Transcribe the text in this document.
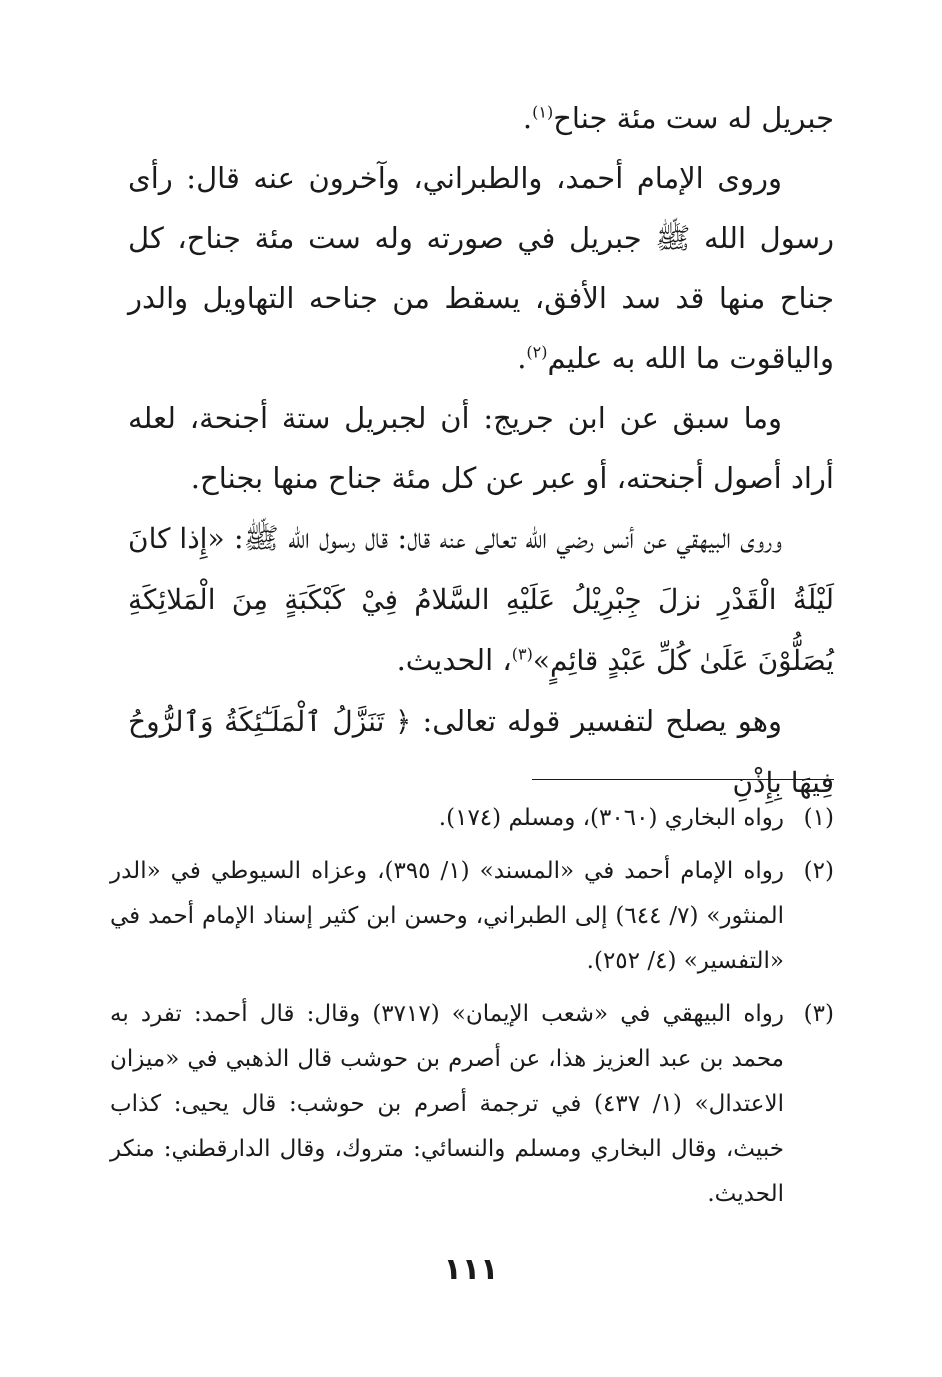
جبريل له ست مئة جناح$^{(١)}$.

وروى الإمام أحمد، والطبراني، وآخرون عنه قال: رأى رسول الله ﷺ جبريل في صورته وله ست مئة جناح، كل جناح منها قد سد الأفق، يسقط من جناحه التهاويل والدر والياقوت ما الله به عليم$^{(٢)}$.

وما سبق عن ابن جريج: أن لجبريل ستة أجنحة، لعله أراد أصول أجنحته، أو عبر عن كل مئة جناح منها بجناح.

وروى البيهقي عن أنس رضي الله تعالى عنه قال: قال رسول الله ﷺ: «إِذا كانَ لَيْلَةُ الْقَدْرِ نزلَ جِبْرِيْلُ عَلَيْهِ السَّلامُ فِيْ كَبْكَبَةٍ مِنَ الْمَلائِكَةِ يُصَلُّوْنَ عَلَىٰ كُلِّ عَبْدٍ قائِمٍ»$^{(٣)}$، الحديث.

وهو يصلح لتفسير قوله تعالى: ﴿ تَنَزَّلُ ٱلْمَلَـٰٓئِكَةُ وَٱلرُّوحُ فِيهَا بِإِذْنِ

(١)
رواه البخاري (٣٠٦٠)، ومسلم (١٧٤).
(٢)
رواه الإمام أحمد في «المسند» (١/ ٣٩٥)، وعزاه السيوطي في «الدر المنثور» (٧/ ٦٤٤) إلى الطبراني، وحسن ابن كثير إسناد الإمام أحمد في «التفسير» (٤/ ٢٥٢).
(٣)
رواه البيهقي في «شعب الإيمان» (٣٧١٧) وقال: قال أحمد: تفرد به محمد بن عبد العزيز هذا، عن أصرم بن حوشب قال الذهبي في «ميزان الاعتدال» (١/ ٤٣٧) في ترجمة أصرم بن حوشب: قال يحيى: كذاب خبيث، وقال البخاري ومسلم والنسائي: متروك، وقال الدارقطني: منكر الحديث.
١١١
